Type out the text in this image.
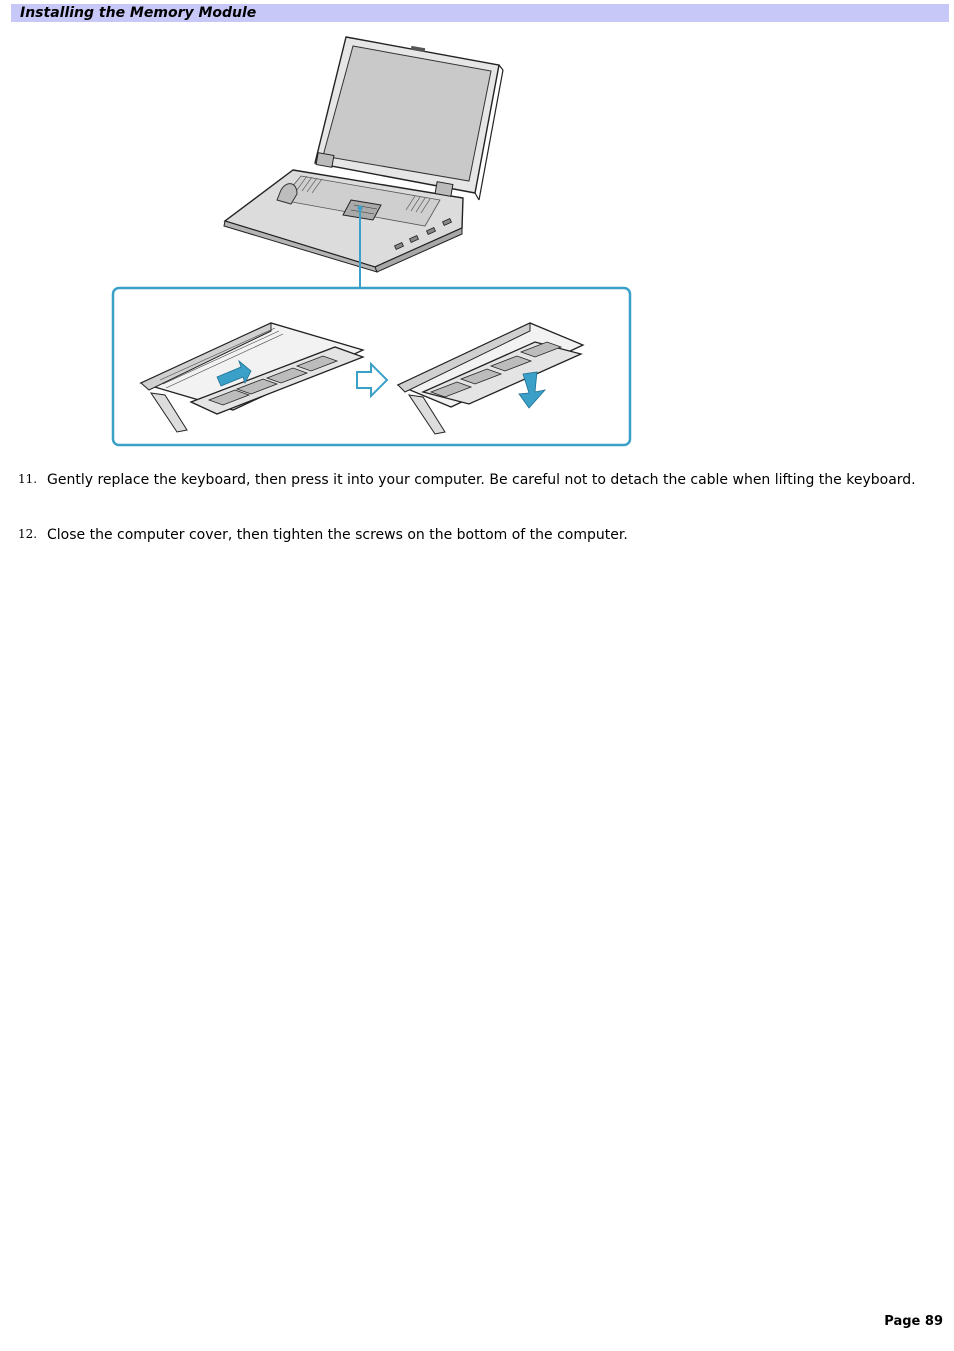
Installing the Memory Module
11. Gently replace the keyboard, then press it into your computer. Be careful not to detach the cable when lifting the keyboard.
12. Close the computer cover, then tighten the screws on the bottom of the computer.
Page 89
